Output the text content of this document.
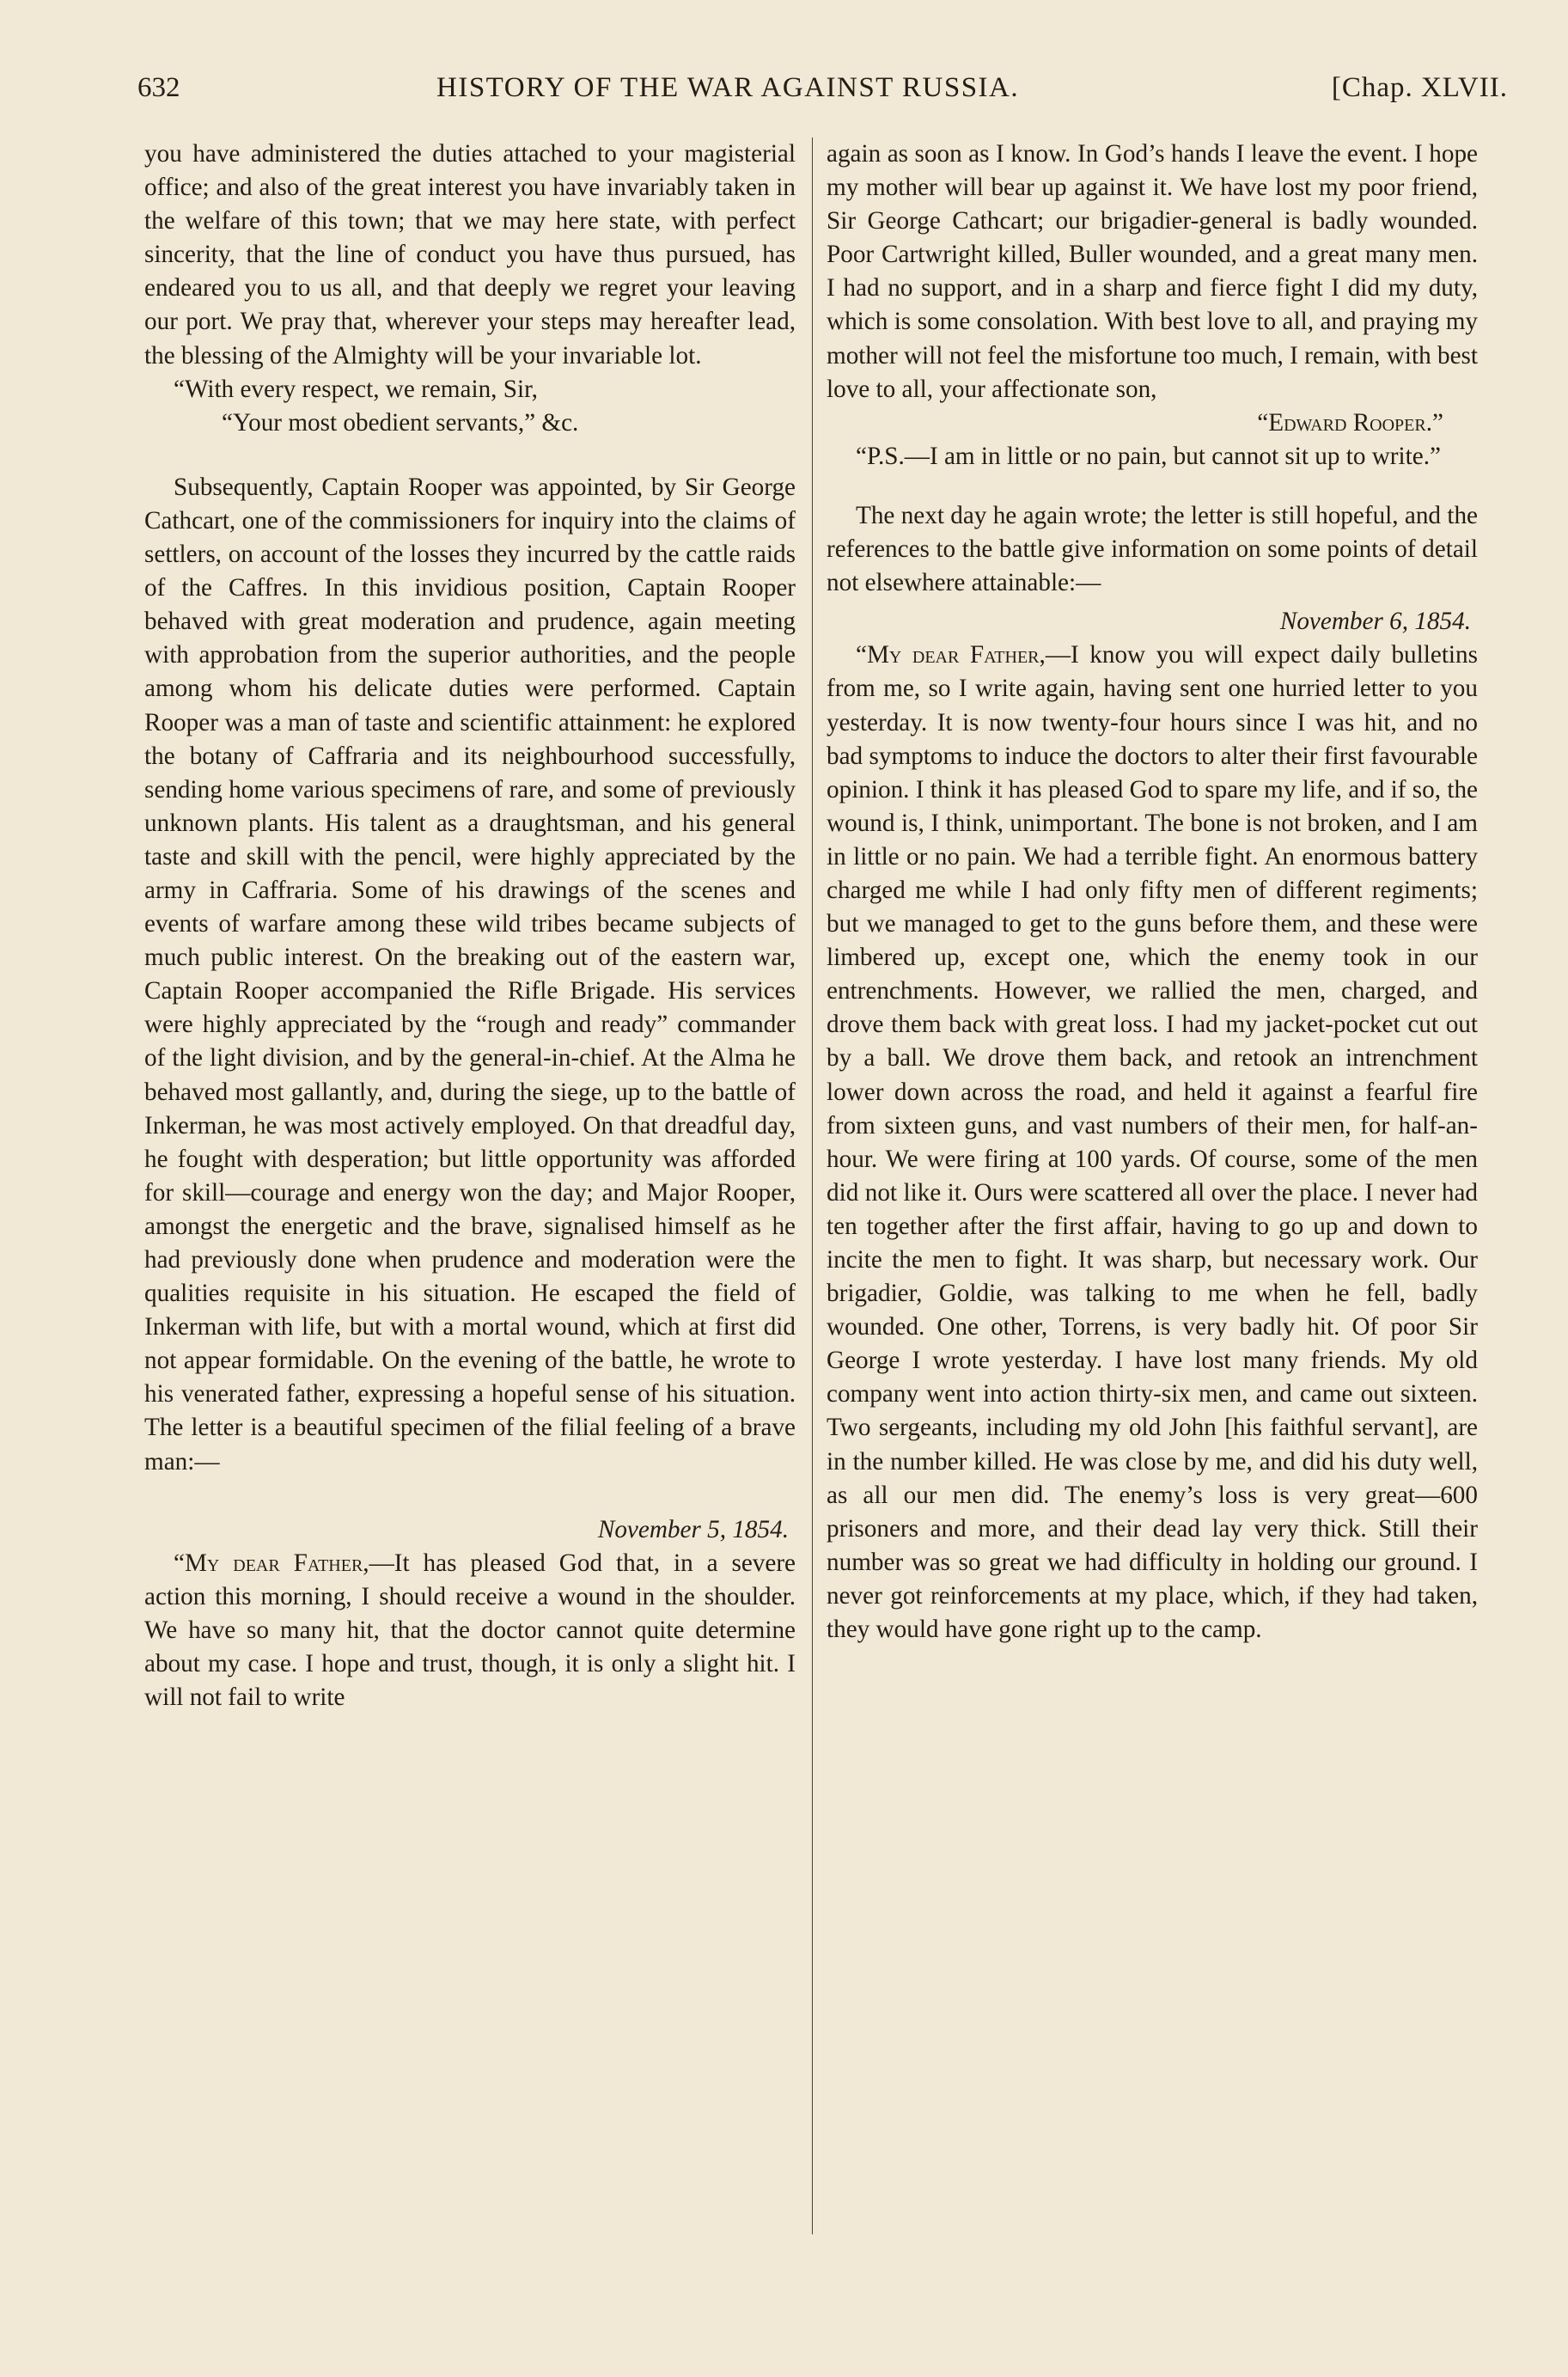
632	HISTORY OF THE WAR AGAINST RUSSIA.	[Chap. XLVII.

you have administered the duties attached to your magisterial office; and also of the great interest you have invariably taken in the welfare of this town; that we may here state, with perfect sincerity, that the line of conduct you have thus pursued, has endeared you to us all, and that deeply we regret your leaving our port. We pray that, wherever your steps may hereafter lead, the blessing of the Almighty will be your invariable lot.

“With every respect, we remain, Sir,

“Your most obedient servants,” &c.

Subsequently, Captain Rooper was appointed, by Sir George Cathcart, one of the commissioners for inquiry into the claims of settlers, on account of the losses they incurred by the cattle raids of the Caffres. In this invidious position, Captain Rooper behaved with great moderation and prudence, again meeting with approbation from the superior authorities, and the people among whom his delicate duties were performed. Captain Rooper was a man of taste and scientific attainment: he explored the botany of Caffraria and its neighbourhood successfully, sending home various specimens of rare, and some of previously unknown plants. His talent as a draughtsman, and his general taste and skill with the pencil, were highly appreciated by the army in Caffraria. Some of his drawings of the scenes and events of warfare among these wild tribes became subjects of much public interest. On the breaking out of the eastern war, Captain Rooper accompanied the Rifle Brigade. His services were highly appreciated by the “rough and ready” commander of the light division, and by the general-in-chief. At the Alma he behaved most gallantly, and, during the siege, up to the battle of Inkerman, he was most actively employed. On that dreadful day, he fought with desperation; but little opportunity was afforded for skill—courage and energy won the day; and Major Rooper, amongst the energetic and the brave, signalised himself as he had previously done when prudence and moderation were the qualities requisite in his situation. He escaped the field of Inkerman with life, but with a mortal wound, which at first did not appear formidable. On the evening of the battle, he wrote to his venerated father, expressing a hopeful sense of his situation. The letter is a beautiful specimen of the filial feeling of a brave man:—

November 5, 1854.

“My dear Father,—It has pleased God that, in a severe action this morning, I should receive a wound in the shoulder. We have so many hit, that the doctor cannot quite determine about my case. I hope and trust, though, it is only a slight hit. I will not fail to write

again as soon as I know. In God’s hands I leave the event. I hope my mother will bear up against it. We have lost my poor friend, Sir George Cathcart; our brigadier-general is badly wounded. Poor Cartwright killed, Buller wounded, and a great many men. I had no support, and in a sharp and fierce fight I did my duty, which is some consolation. With best love to all, and praying my mother will not feel the misfortune too much, I remain, with best love to all, your affectionate son,

“Edward Rooper.”

“P.S.—I am in little or no pain, but cannot sit up to write.”

The next day he again wrote; the letter is still hopeful, and the references to the battle give information on some points of detail not elsewhere attainable:—

November 6, 1854.

“My dear Father,—I know you will expect daily bulletins from me, so I write again, having sent one hurried letter to you yesterday. It is now twenty-four hours since I was hit, and no bad symptoms to induce the doctors to alter their first favourable opinion. I think it has pleased God to spare my life, and if so, the wound is, I think, unimportant. The bone is not broken, and I am in little or no pain. We had a terrible fight. An enormous battery charged me while I had only fifty men of different regiments; but we managed to get to the guns before them, and these were limbered up, except one, which the enemy took in our entrenchments. However, we rallied the men, charged, and drove them back with great loss. I had my jacket-pocket cut out by a ball. We drove them back, and retook an intrenchment lower down across the road, and held it against a fearful fire from sixteen guns, and vast numbers of their men, for half-an-hour. We were firing at 100 yards. Of course, some of the men did not like it. Ours were scattered all over the place. I never had ten together after the first affair, having to go up and down to incite the men to fight. It was sharp, but necessary work. Our brigadier, Goldie, was talking to me when he fell, badly wounded. One other, Torrens, is very badly hit. Of poor Sir George I wrote yesterday. I have lost many friends. My old company went into action thirty-six men, and came out sixteen. Two sergeants, including my old John [his faithful servant], are in the number killed. He was close by me, and did his duty well, as all our men did. The enemy’s loss is very great—600 prisoners and more, and their dead lay very thick. Still their number was so great we had difficulty in holding our ground. I never got reinforcements at my place, which, if they had taken, they would have gone right up to the camp.
